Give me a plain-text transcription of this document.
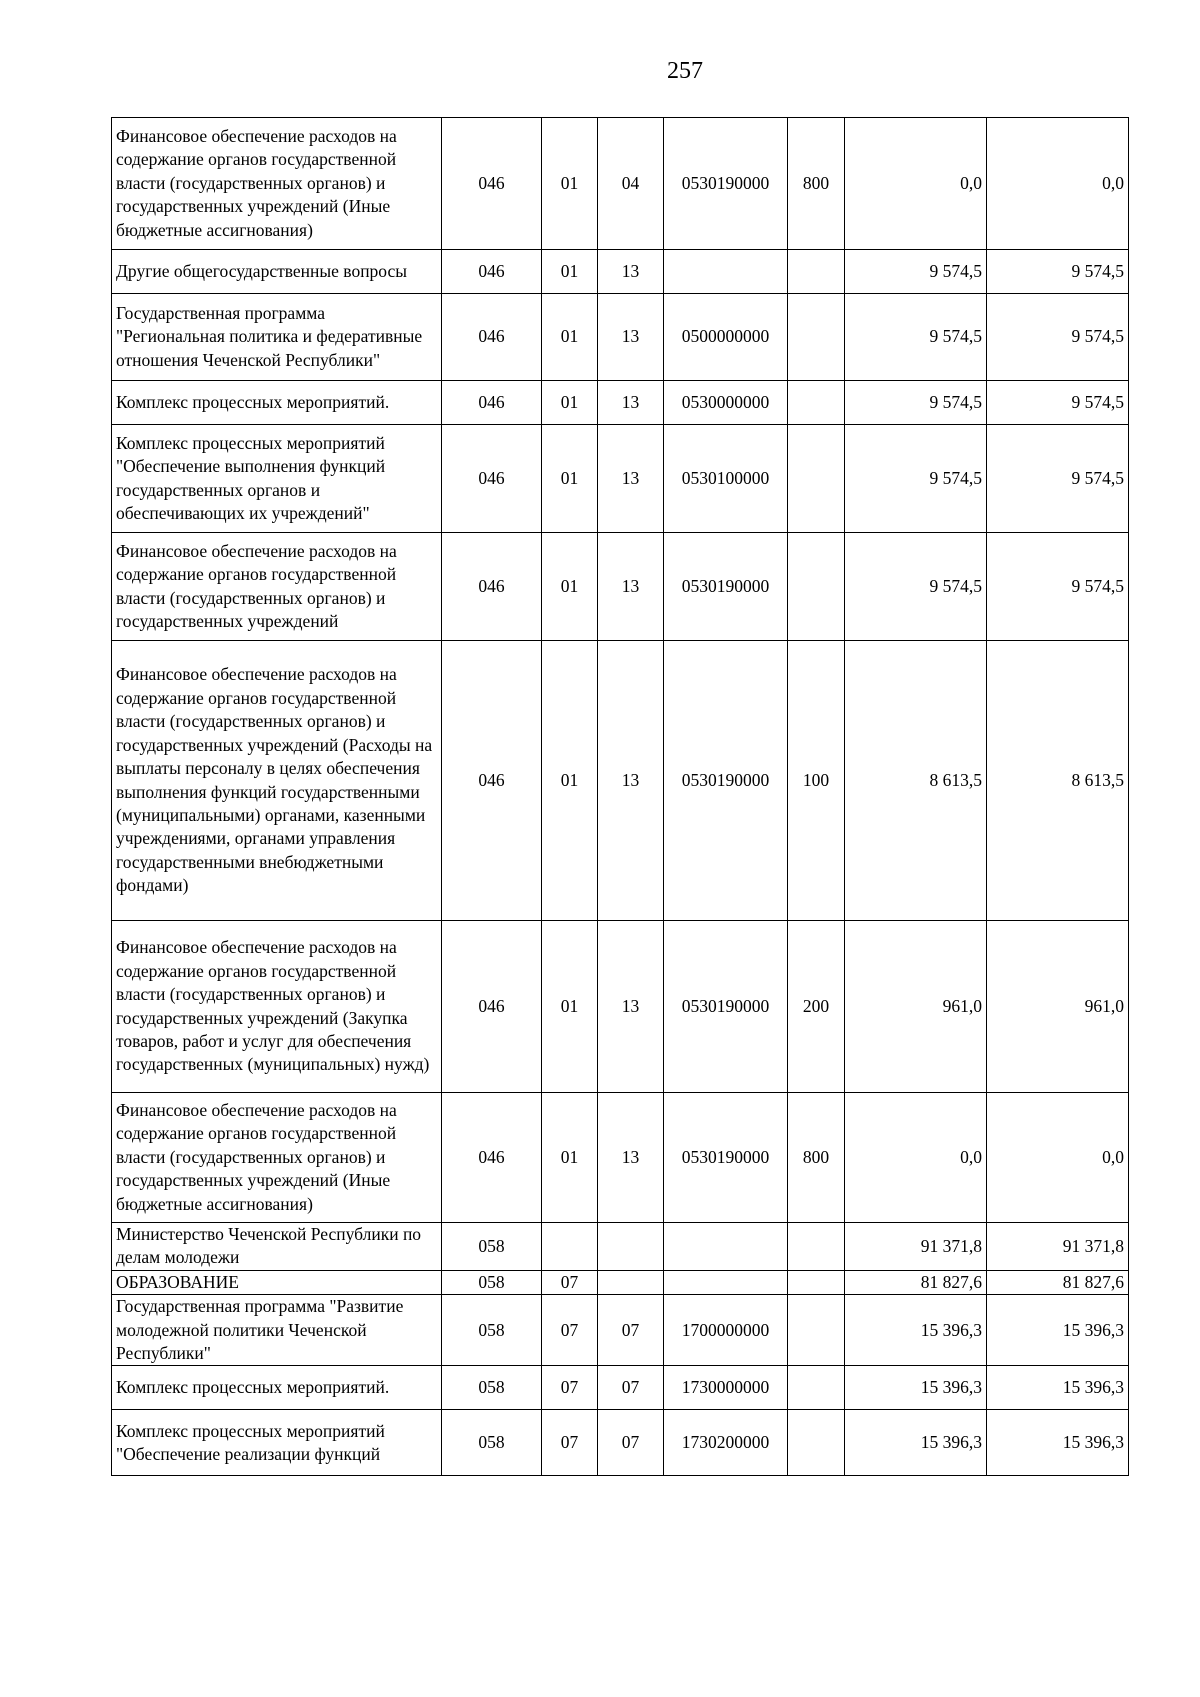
257
Финансовое обеспечение расходов на содержание органов государственной власти (государственных органов) и государственных учреждений (Иные бюджетные ассигнования)	046	01	04	0530190000	800	0,0	0,0
Другие общегосударственные вопросы	046	01	13			9 574,5	9 574,5
Государственная программа "Региональная политика и федеративные отношения Чеченской Республики"	046	01	13	0500000000		9 574,5	9 574,5
Комплекс процессных мероприятий.	046	01	13	0530000000		9 574,5	9 574,5
Комплекс процессных мероприятий "Обеспечение выполнения функций государственных органов и обеспечивающих их учреждений"	046	01	13	0530100000		9 574,5	9 574,5
Финансовое обеспечение расходов на содержание органов государственной власти (государственных органов) и государственных учреждений	046	01	13	0530190000		9 574,5	9 574,5
Финансовое обеспечение расходов на содержание органов государственной власти (государственных органов) и государственных учреждений (Расходы на выплаты персоналу в целях обеспечения выполнения функций государственными (муниципальными) органами, казенными учреждениями, органами управления государственными внебюджетными фондами)	046	01	13	0530190000	100	8 613,5	8 613,5
Финансовое обеспечение расходов на содержание органов государственной власти (государственных органов) и государственных учреждений (Закупка товаров, работ и услуг для обеспечения государственных (муниципальных) нужд)	046	01	13	0530190000	200	961,0	961,0
Финансовое обеспечение расходов на содержание органов государственной власти (государственных органов) и государственных учреждений (Иные бюджетные ассигнования)	046	01	13	0530190000	800	0,0	0,0
Министерство Чеченской Республики по делам молодежи	058					91 371,8	91 371,8
ОБРАЗОВАНИЕ	058	07				81 827,6	81 827,6
Государственная программа "Развитие молодежной политики Чеченской Республики"	058	07	07	1700000000		15 396,3	15 396,3
Комплекс процессных мероприятий.	058	07	07	1730000000		15 396,3	15 396,3
Комплекс процессных мероприятий "Обеспечение реализации функций	058	07	07	1730200000		15 396,3	15 396,3
